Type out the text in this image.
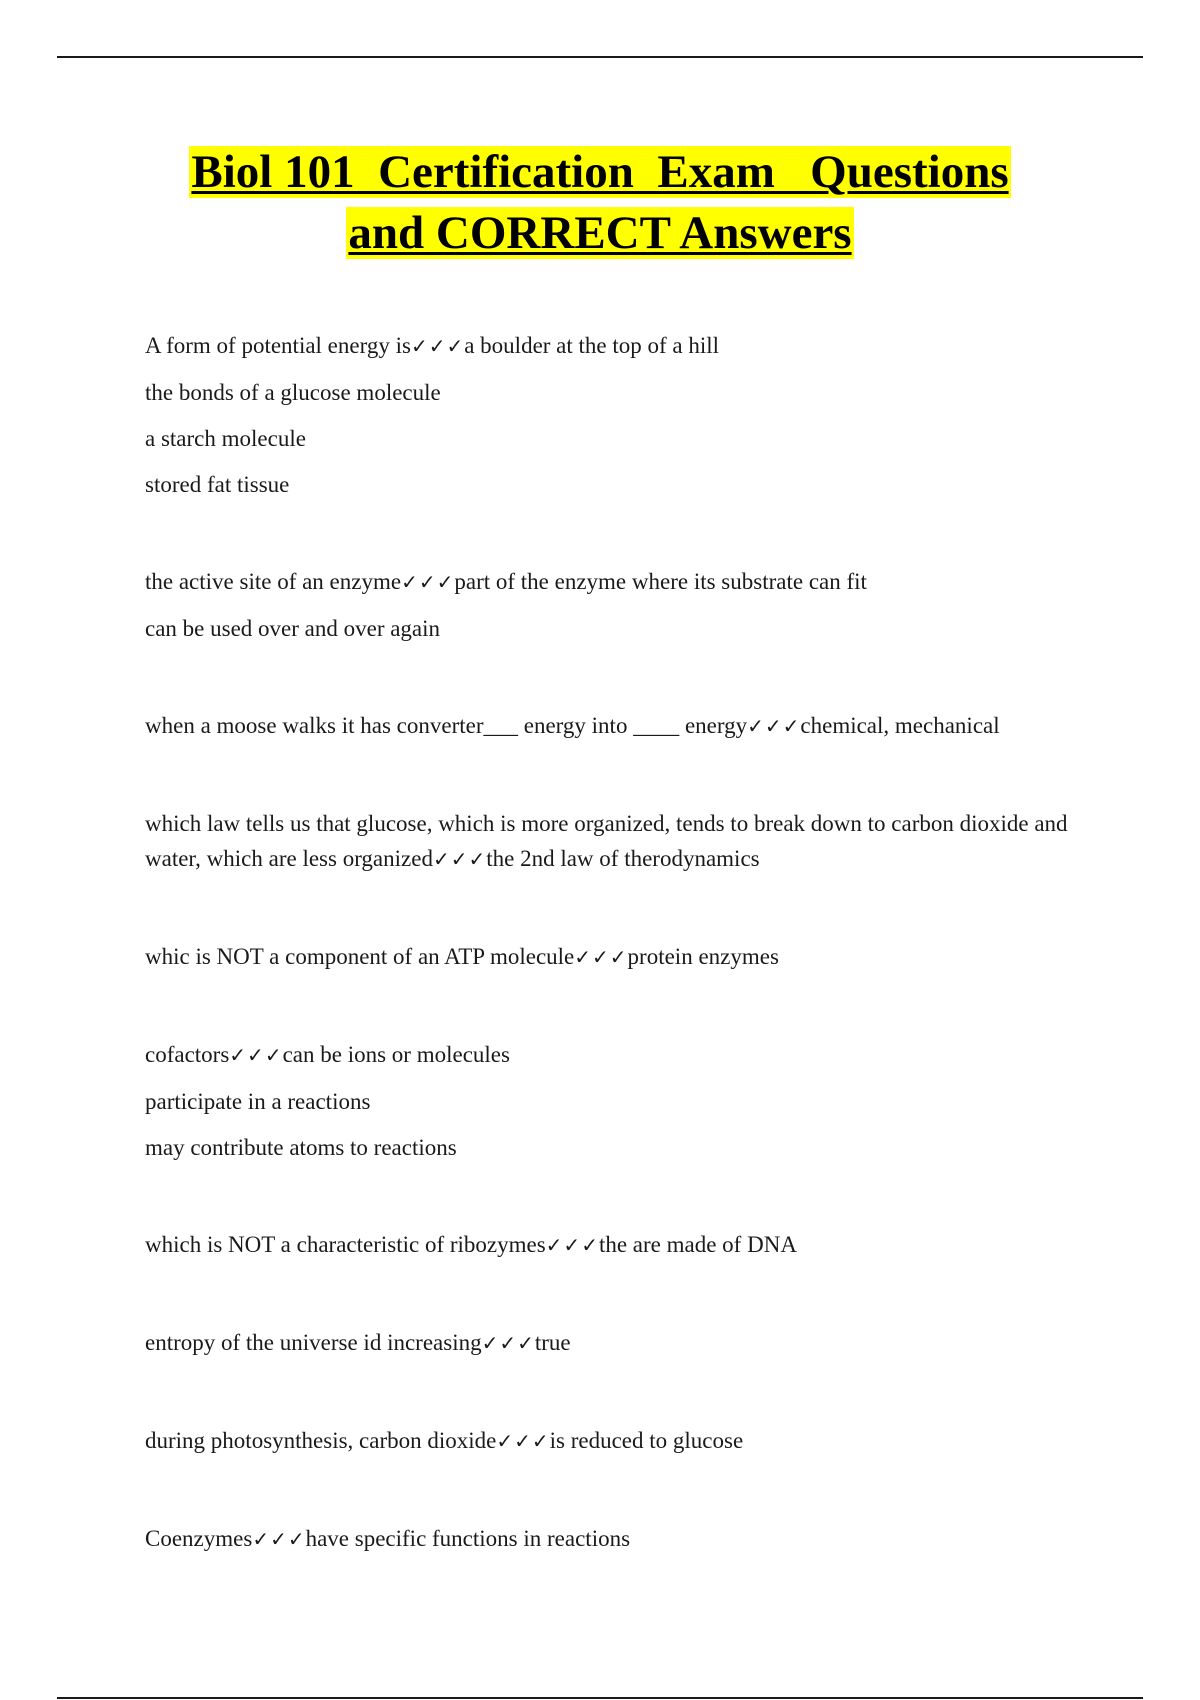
Biol 101  Certification  Exam   Questions
and CORRECT Answers

A form of potential energy is✓✓✓a boulder at the top of a hill

the bonds of a glucose molecule

a starch molecule

stored fat tissue

the active site of an enzyme✓✓✓part of the enzyme where its substrate can fit

can be used over and over again

when a moose walks it has converter___ energy into ____ energy✓✓✓chemical, mechanical

which law tells us that glucose, which is more organized, tends to break down to carbon dioxide and water, which are less organized✓✓✓the 2nd law of therodynamics

whic is NOT a component of an ATP molecule✓✓✓protein enzymes

cofactors✓✓✓can be ions or molecules

participate in a reactions

may contribute atoms to reactions

which is NOT a characteristic of ribozymes✓✓✓the are made of DNA

entropy of the universe id increasing✓✓✓true

during photosynthesis, carbon dioxide✓✓✓is reduced to glucose

Coenzymes✓✓✓have specific functions in reactions
